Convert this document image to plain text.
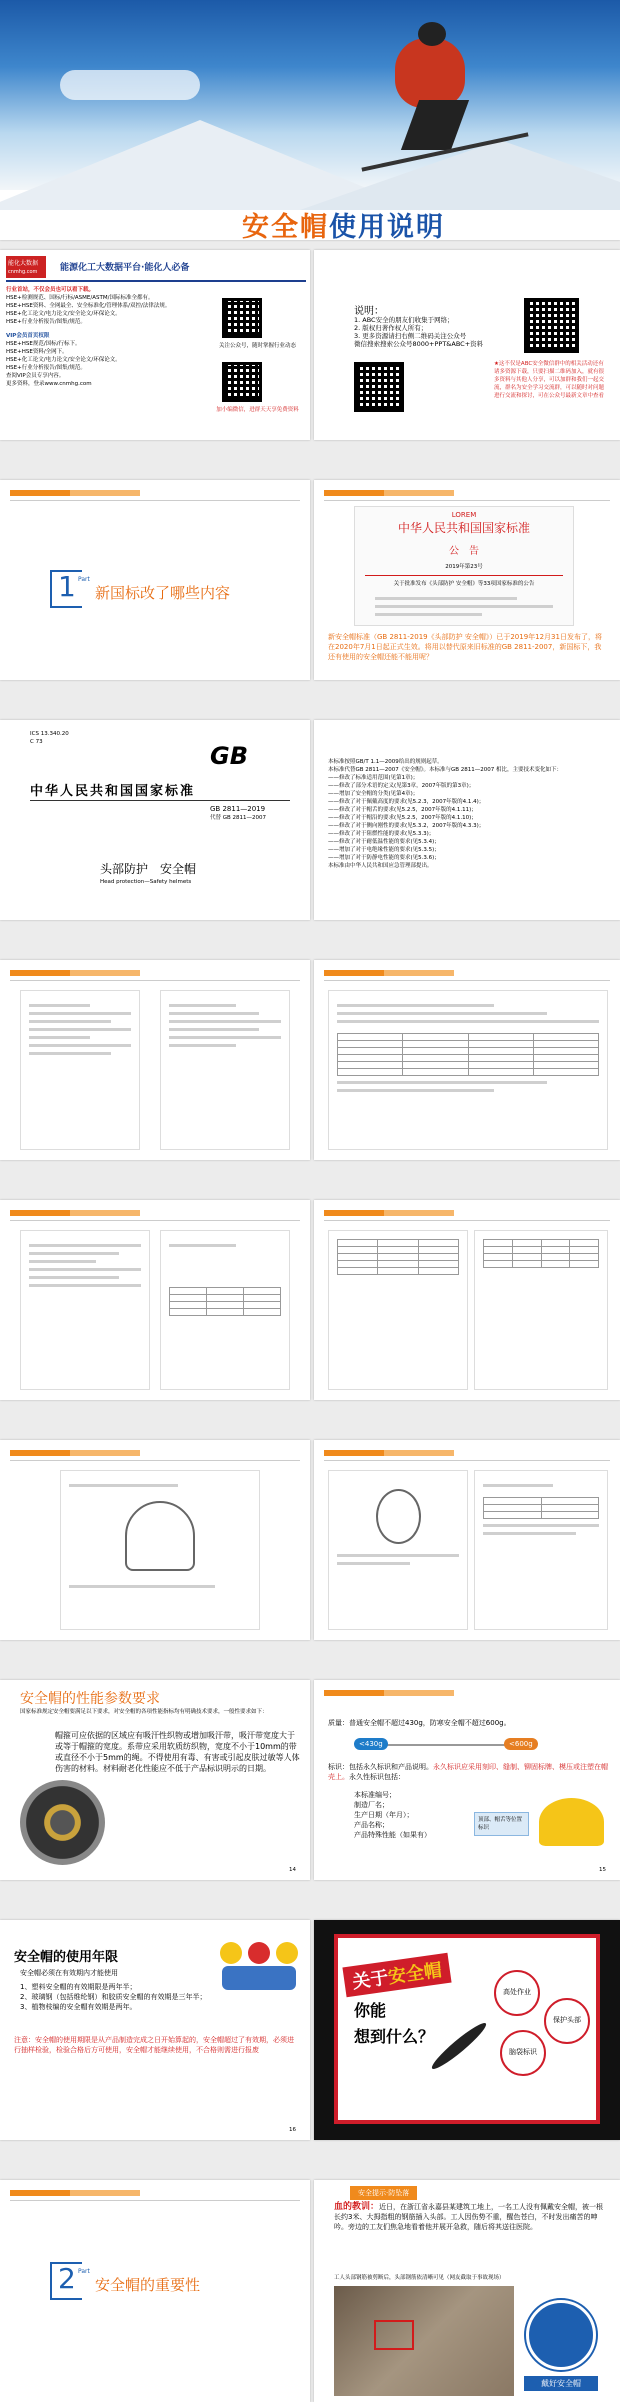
安全帽使用说明
能化大数据
cnmhg.com	能源化工大数据平台·能化人必备
行业首站，不仅会员也可以看下载。
HSE+检测规范、国标/行标/ASME/ASTM/国际标准全都有。
HSE+HSE资料、全网最全、安全标准化/管理体系/双控/法律法规。
HSE+化工论文/电力论文/安全论文/环保论文。
HSE+行业分析报告/图集/规范。
VIP会员首页权限
HSE+HSE规范/国标/行标下。
HSE+HSE资料/全网下。
HSE+化工论文/电力论文/安全论文/环保论文。
HSE+行业分析报告/图集/规范。
查阅VIP会员专享内容。
更多资料，登录www.cnmhg.com
关注公众号，随时掌握行业动态
加小编微信，进群天天享免费资料
说明：
1. ABC安全的朋友们收集于网络；
2. 版权归著作权人所有；
3. 更多资源请扫右侧二维码关注公众号
微信搜索搜索公众号8000+PPT&ABC+资料
★这不仅是ABC安全微信群中的相关活动还有诸多资源下载，只要扫描二维码加入，就有很多资料与其他人分享，可以加群和我们一起交流，群名为安全学习交流群，可以随时对问题进行交流和探讨，可在公众号最新文章中查看
1 Part
新国标改了哪些内容
LOREM
中华人民共和国国家标准
公　告
2019年第23号
关于批准发布《头部防护 安全帽》等33项国家标准的公告
新安全帽标准（GB 2811-2019《头部防护 安全帽》）已于2019年12月31日发布了，将在2020年7月1日起正式生效。将用以替代原来旧标准的GB 2811-2007，新国标下，我还有使用的安全帽还能不能用呢？
ICS 13.340.20
C 73	GB
中华人民共和国国家标准
GB 2811—2019
代替 GB 2811—2007
头部防护　安全帽
Head protection—Safety helmets
本标准按照GB/T 1.1—2009给出的规则起草。
本标准代替GB 2811—2007《安全帽》。本标准与GB 2811—2007 相比，主要技术变化如下：
——修改了标准适用范围(见第1章)；
——修改了部分术语的定义(见第3章，2007年版的第3章)；
——增加了安全帽的分类(见第4章)；
——修改了对于佩戴高度的要求(见5.2.3，2007年版的4.1.4)；
——修改了对于帽舌的要求(见5.2.5，2007年版的4.1.11)；
——修改了对于帽沿的要求(见5.2.5，2007年版的4.1.10)；
——修改了对于侧向刚性的要求(见5.3.2，2007年版的4.3.3)；
——修改了对于阻燃性能的要求(见5.3.3)；
——修改了对于耐低温性能的要求(见5.3.4)；
——增加了对于电绝缘性能的要求(见5.3.5)；
——增加了对于防静电性能的要求(见5.3.6)；
本标准由中华人民共和国应急管理部提出。

安全帽的性能参数要求
国家标准规定安全帽要满足以下要求，对安全帽的各项性能指标均有明确技术要求，一般性要求如下：
帽箍可应依据的区域应有吸汗性织物或增加吸汗带，吸汗带宽度大于或等于帽箍的宽度。系带应采用软质纺织物，宽度不小于10mm的带或直径不小于5mm的绳。不得使用有毒、有害或引起皮肤过敏等人体伤害的材料。材料耐老化性能应不低于产品标识明示的日期。
14
质量：普通安全帽不超过430g，防寒安全帽不超过600g。
<430g	<600g
标识：包括永久标识和产品说明。永久标识应采用刻印、缝制、铆固标牌、模压或注塑在帽壳上。永久性标识包括：
本标准编号；
制造厂名；
生产日期（年月）；
产品名称；
产品特殊性能（如果有）
顶部、帽舌等位置标识
15
安全帽的使用年限
安全帽必须在有效期内才能使用
1、塑料安全帽的有效期限是两年半；
2、玻璃钢（包括维纶钢）和胶质安全帽的有效期是三年半；
3、植物枝编的安全帽有效期是两年。
注意：安全帽的使用期限是从产品制造完成之日开始算起的，安全帽超过了有效期，必须进行抽样检验，检验合格后方可使用，安全帽才能继续使用，不合格则需进行报废
16
关于安全帽
你能
想到什么？
高处作业
保护头部
脑袋标识
2 Part
安全帽的重要性
安全提示·防坠落
血的教训：近日，在浙江省永嘉县某建筑工地上，一名工人没有佩戴安全帽，被一根长约3米、大拇指粗的钢筋插入头部。工人因伤势不重，醒色苍白，不时发出痛苦的呻吟。旁边的工友们焦急地看着他并展开急救，随后将其送往医院。
工人头部钢筋被剪断后，头部钢筋依清晰可见（网友截取于事故现场）
戴好安全帽
